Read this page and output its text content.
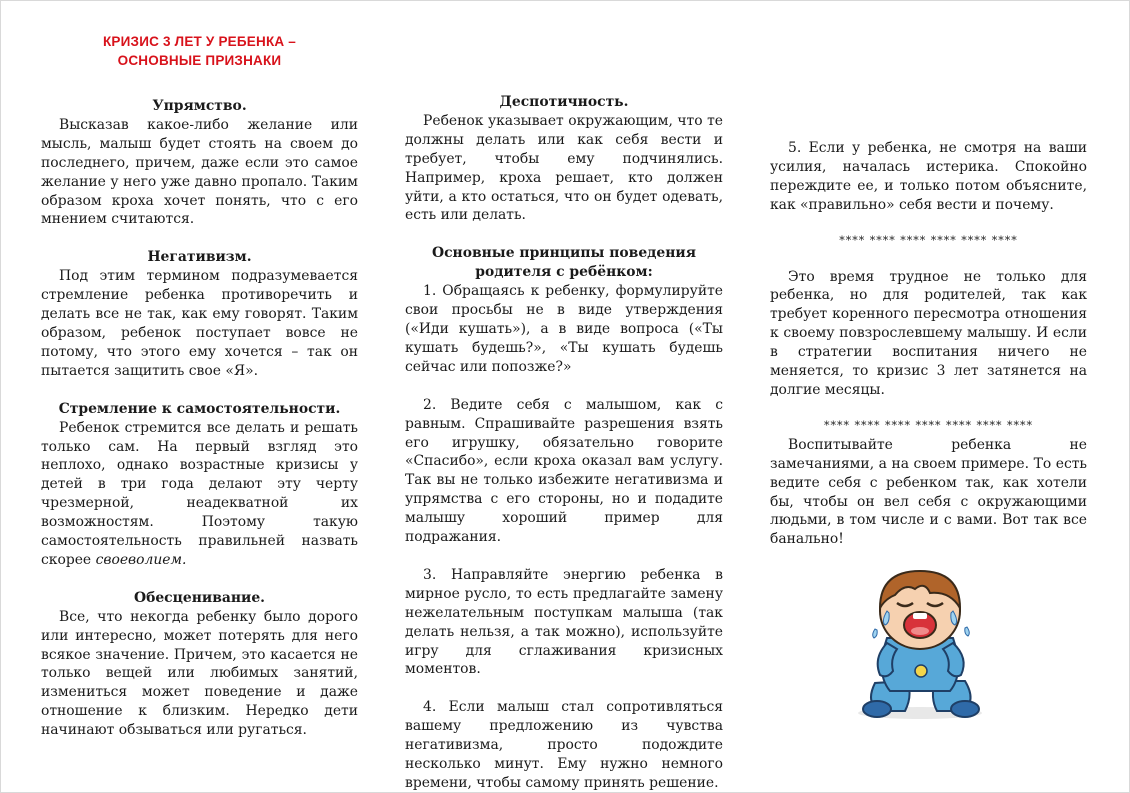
КРИЗИС 3 ЛЕТ У РЕБЕНКА –
ОСНОВНЫЕ ПРИЗНАКИ
Упрямство.

Высказав какое-либо желание или мысль, малыш будет стоять на своем до последнего, причем, даже если это самое желание у него уже давно пропало. Таким образом кроха хочет понять, что с его мнением считаются.

Негативизм.

Под этим термином подразумевается стремление ребенка противоречить и делать все не так, как ему говорят. Таким образом, ребенок поступает вовсе не потому, что этого ему хочется – так он пытается защитить свое «Я».

Стремление к самостоятельности.

Ребенок стремится все делать и решать только сам. На первый взгляд это неплохо, однако возрастные кризисы у детей в три года делают эту черту чрезмерной, неадекватной их возможностям. Поэтому такую самостоятельность правильней назвать скорее своеволием.

Обесценивание.

Все, что некогда ребенку было дорого или интересно, может потерять для него всякое значение. Причем, это касается не только вещей или любимых занятий, измениться может поведение и даже отношение к близким. Нередко дети начинают обзываться или ругаться.

Деспотичность.

Ребенок указывает окружающим, что те должны делать или как себя вести и требует, чтобы ему подчинялись. Например, кроха решает, кто должен уйти, а кто остаться, что он будет одевать, есть или делать.

Основные принципы поведения родителя с ребёнком:

1. Обращаясь к ребенку, формулируйте свои просьбы не в виде утверждения («Иди кушать»), а в виде вопроса («Ты кушать будешь?», «Ты кушать будешь сейчас или попозже?»

2. Ведите себя с малышом, как с равным. Спрашивайте разрешения взять его игрушку, обязательно говорите «Спасибо», если кроха оказал вам услугу. Так вы не только избежите негативизма и упрямства с его стороны, но и подадите малышу хороший пример для подражания.

3. Направляйте энергию ребенка в мирное русло, то есть предлагайте замену нежелательным поступкам малыша (так делать нельзя, а так можно), используйте игру для сглаживания кризисных моментов.

4. Если малыш стал сопротивляться вашему предложению из чувства негативизма, просто подождите несколько минут. Ему нужно немного времени, чтобы самому принять решение.

5. Если у ребенка, не смотря на ваши усилия, началась истерика. Спокойно переждите ее, и только потом объясните, как «правильно» себя вести и почему.

**** **** **** **** **** ****

Это время трудное не только для ребенка, но для родителей, так как требует коренного пересмотра отношения к своему повзрослевшему малышу. И если в стратегии воспитания ничего не меняется, то кризис 3 лет затянется на долгие месяцы.

**** **** **** **** **** **** ****

Воспитывайте ребенка не замечаниями, а на своем примере. То есть ведите себя с ребенком так, как хотели бы, чтобы он вел себя с окружающими людьми, в том числе и с вами. Вот так все банально!
